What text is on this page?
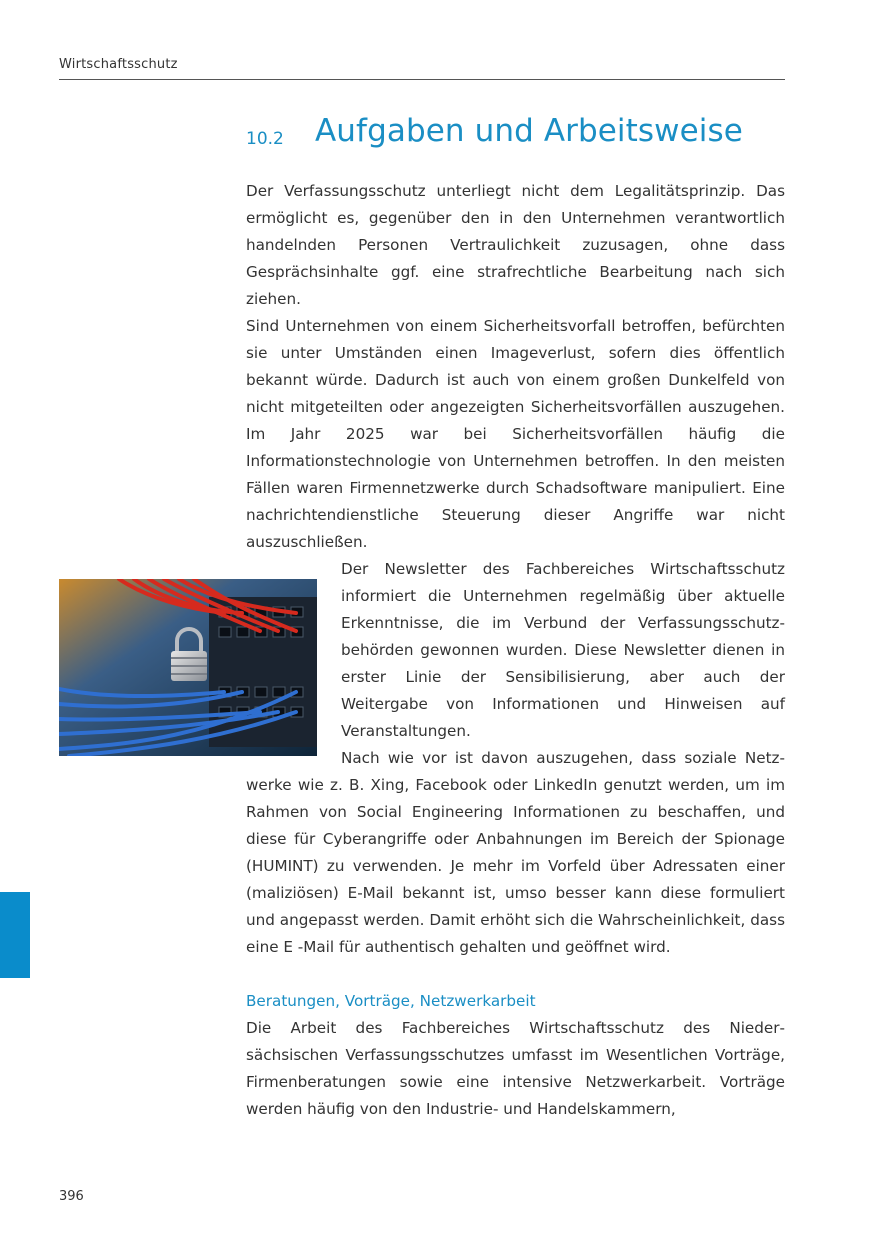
Wirtschaftsschutz
10.2 Aufgaben und Arbeitsweise

Der Verfassungsschutz unterliegt nicht dem Legalitätsprinzip. Das ermöglicht es, gegenüber den in den Unternehmen verantwortlich handelnden Personen Vertraulichkeit zuzusagen, ohne dass Gesprächsinhalte ggf. eine strafrechtliche Bearbeitung nach sich ziehen.

Sind Unternehmen von einem Sicherheitsvorfall betroffen, befürchten sie unter Umständen einen Imageverlust, sofern dies öffentlich bekannt würde. Dadurch ist auch von einem großen Dunkelfeld von nicht mitgeteilten oder angezeigten Sicherheitsvorfällen auszugehen. Im Jahr 2025 war bei Sicherheitsvorfällen häufig die Informationstechnologie von Unternehmen betroffen. In den meisten Fällen waren Firmennetzwerke durch Schadsoftware manipuliert. Eine nachrichtendienstliche Steuerung dieser Angriffe war nicht auszuschließen.

Der Newsletter des Fachbereiches Wirtschaftsschutz informiert die Unternehmen regelmäßig über aktuelle Erkenntnisse, die im Verbund der Verfassungsschutzbehörden gewonnen wurden. Diese Newsletter dienen in erster Linie der Sensibilisierung, aber auch der Weitergabe von Informationen und Hinweisen auf Veranstaltungen.

Nach wie vor ist davon auszugehen, dass soziale Netzwerke wie z. B. Xing, Facebook oder LinkedIn genutzt werden, um im Rahmen von Social Engineering Informationen zu beschaffen, und diese für Cyberangriffe oder Anbahnungen im Bereich der Spionage (HUMINT) zu verwenden. Je mehr im Vorfeld über Adressaten einer (maliziösen) E-Mail bekannt ist, umso besser kann diese formuliert und angepasst werden. Damit erhöht sich die Wahrscheinlichkeit, dass eine E -Mail für authentisch gehalten und geöffnet wird.

Beratungen, Vorträge, Netzwerkarbeit

Die Arbeit des Fachbereiches Wirtschaftsschutz des Niedersächsischen Verfassungsschutzes umfasst im Wesentlichen Vorträge, Firmenberatungen sowie eine intensive Netzwerkarbeit. Vorträge werden häufig von den Industrie- und Handelskammern,

396
